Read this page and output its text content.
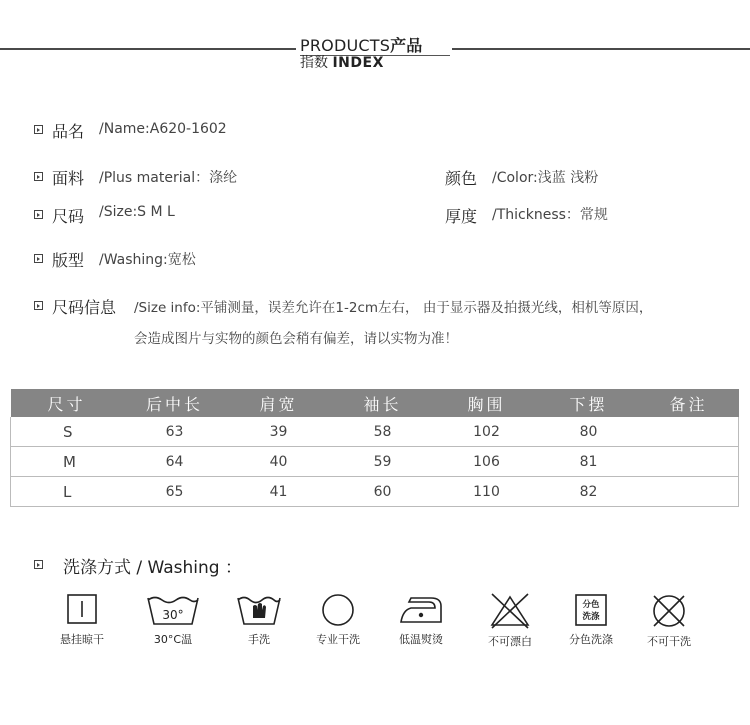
PRODUCTS产品
指数 INDEX
品名 /Name:A620-1602
面料 /Plus material：涤纶	颜色 /Color:浅蓝 浅粉
尺码 /Size:S M L	厚度 /Thickness：常规
版型 /Washing:宽松
尺码信息 /Size info:平铺测量，误差允许在1-2cm左右， 由于显示器及拍摄光线，相机等原因，
会造成图片与实物的颜色会稍有偏差，请以实物为准！
尺寸	后中长	肩宽	袖长	胸围	下摆	备注
S	63	39	58	102	80	
M	64	40	59	106	81	
L	65	41	60	110	82	
洗涤方式 / Washing ：
悬挂晾干
30°
30°C温	手洗	专业干洗	低温熨烫	不可漂白
分色
洗涤
分色洗涤	不可干洗
